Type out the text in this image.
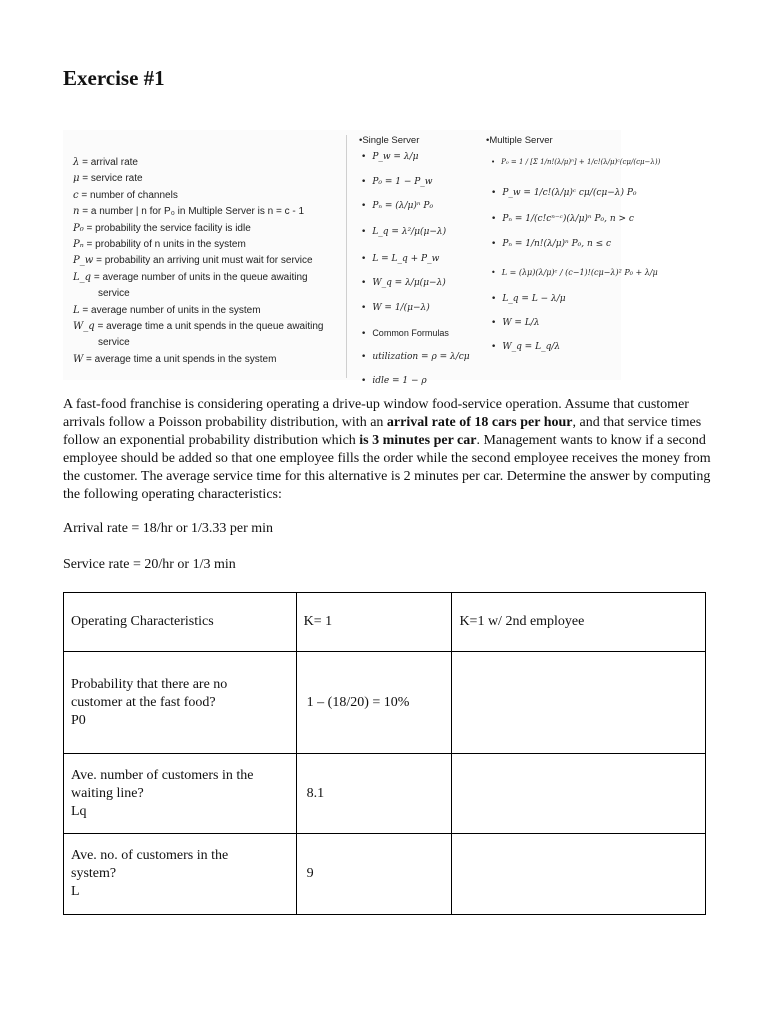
Exercise #1
λ = arrival rate
μ = service rate
c = number of channels
n = a number | n for P₀ in Multiple Server is n = c - 1
P₀ = probability the service facility is idle
Pₙ = probability of n units in the system
P_w = probability an arriving unit must wait for service
L_q = average number of units in the queue awaiting
service
L = average number of units in the system
W_q = average time a unit spends in the queue awaiting
service
W = average time a unit spends in the system
•Single Server	•Multiple Server
• P_w = λ/μ
• P₀ = 1 − P_w
• Pₙ = (λ/μ)ⁿ P₀
• L_q = λ²/μ(μ−λ)
• L = L_q + P_w
• W_q = λ/μ(μ−λ)
• W = 1/(μ−λ)
• Common Formulas
• utilization = ρ = λ/cμ
• idle = 1 − ρ
• P₀ = 1 / [Σ 1/n!(λ/μ)ⁿ] + 1/c!(λ/μ)ᶜ(cμ/(cμ−λ))
• P_w = 1/c!(λ/μ)ᶜ cμ/(cμ−λ) P₀
• Pₙ = 1/(c!cⁿ⁻ᶜ)(λ/μ)ⁿ P₀, n > c
• Pₙ = 1/n!(λ/μ)ⁿ P₀, n ≤ c
• L = (λμ)(λ/μ)ᶜ / (c−1)!(cμ−λ)² P₀ + λ/μ
• L_q = L − λ/μ
• W = L/λ
• W_q = L_q/λ

A fast-food franchise is considering operating a drive-up window food-service operation. Assume that customer arrivals follow a Poisson probability distribution, with an arrival rate of 18 cars per hour, and that service times follow an exponential probability distribution which is 3 minutes per car. Management wants to know if a second employee should be added so that one employee fills the order while the second employee receives the money from the customer. The average service time for this alternative is 2 minutes per car. Determine the answer by computing the following operating characteristics:

Arrival rate = 18/hr or 1/3.33 per min

Service rate = 20/hr or 1/3 min

Operating Characteristics	K= 1	K=1 w/ 2nd employee

Probability that there are no
customer at the fast food?
P0	1 – (18/20) = 10%	

Ave. number of customers in the
waiting line?
Lq	8.1	

Ave. no. of customers in the
system?
L	9	
